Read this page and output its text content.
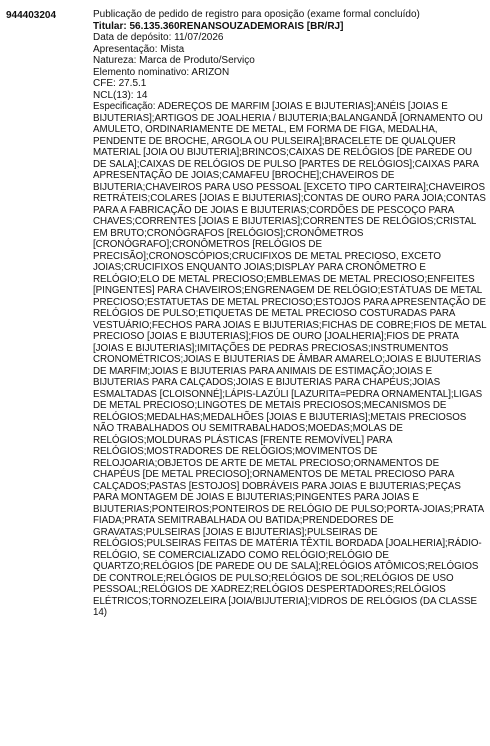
944403204	Publicação de pedido de registro para oposição (exame formal concluído)
Titular: 56.135.360RENANSOUZADEMORAIS [BR/RJ]
Data de depósito: 11/07/2026
Apresentação: Mista
Natureza: Marca de Produto/Serviço
Elemento nominativo: ARIZON
CFE: 27.5.1
NCL(13): 14
Especificação: ADEREÇOS DE MARFIM [JOIAS E BIJUTERIAS];ANÉIS [JOIAS E BIJUTERIAS];ARTIGOS DE JOALHERIA / BIJUTERIA;BALANGANDÃ [ORNAMENTO OU AMULETO, ORDINARIAMENTE DE METAL, EM FORMA DE FIGA, MEDALHA, PENDENTE DE BROCHE, ARGOLA OU PULSEIRA];BRACELETE DE QUALQUER MATERIAL [JOIA OU BIJUTERIA];BRINCOS;CAIXAS DE RELÓGIOS [DE PAREDE OU DE SALA];CAIXAS DE RELÓGIOS DE PULSO [PARTES DE RELÓGIOS];CAIXAS PARA APRESENTAÇÃO DE JOIAS;CAMAFEU [BROCHE];CHAVEIROS DE BIJUTERIA;CHAVEIROS PARA USO PESSOAL [EXCETO TIPO CARTEIRA];CHAVEIROS RETRÁTEIS;COLARES [JOIAS E BIJUTERIAS];CONTAS DE OURO PARA JOIA;CONTAS PARA A FABRICAÇÃO DE JOIAS E BIJUTERIAS;CORDÕES DE PESCOÇO PARA CHAVES;CORRENTES [JOIAS E BIJUTERIAS];CORRENTES DE RELÓGIOS;CRISTAL EM BRUTO;CRONÓGRAFOS [RELÓGIOS];CRONÔMETROS [CRONÓGRAFO];CRONÔMETROS [RELÓGIOS DE PRECISÃO];CRONOSCÓPIOS;CRUCIFIXOS DE METAL PRECIOSO, EXCETO JOIAS;CRUCIFIXOS ENQUANTO JOIAS;DISPLAY PARA CRONÔMETRO E RELÓGIO;ELO DE METAL PRECIOSO;EMBLEMAS DE METAL PRECIOSO;ENFEITES [PINGENTES] PARA CHAVEIROS;ENGRENAGEM DE RELÓGIO;ESTÁTUAS DE METAL PRECIOSO;ESTATUETAS DE METAL PRECIOSO;ESTOJOS PARA APRESENTAÇÃO DE RELÓGIOS DE PULSO;ETIQUETAS DE METAL PRECIOSO COSTURADAS PARA VESTUÁRIO;FECHOS PARA JOIAS E BIJUTERIAS;FICHAS DE COBRE;FIOS DE METAL PRECIOSO [JOIAS E BIJUTERIAS];FIOS DE OURO [JOALHERIA];FIOS DE PRATA [JOIAS E BIJUTERIAS];IMITAÇÕES DE PEDRAS PRECIOSAS;INSTRUMENTOS CRONOMÉTRICOS;JOIAS E BIJUTERIAS DE ÂMBAR AMARELO;JOIAS E BIJUTERIAS DE MARFIM;JOIAS E BIJUTERIAS PARA ANIMAIS DE ESTIMAÇÃO;JOIAS E BIJUTERIAS PARA CALÇADOS;JOIAS E BIJUTERIAS PARA CHAPÉUS;JOIAS ESMALTADAS [CLOISONNÉ];LÁPIS-LAZÚLI [LAZURITA=PEDRA ORNAMENTAL];LIGAS DE METAL PRECIOSO;LINGOTES DE METAIS PRECIOSOS;MECANISMOS DE RELÓGIOS;MEDALHAS;MEDALHÕES [JOIAS E BIJUTERIAS];METAIS PRECIOSOS NÃO TRABALHADOS OU SEMITRABALHADOS;MOEDAS;MOLAS DE RELÓGIOS;MOLDURAS PLÁSTICAS [FRENTE REMOVÍVEL] PARA RELÓGIOS;MOSTRADORES DE RELÓGIOS;MOVIMENTOS DE RELOJOARIA;OBJETOS DE ARTE DE METAL PRECIOSO;ORNAMENTOS DE CHAPÉUS [DE METAL PRECIOSO];ORNAMENTOS DE METAL PRECIOSO PARA CALÇADOS;PASTAS [ESTOJOS] DOBRÁVEIS PARA JOIAS E BIJUTERIAS;PEÇAS PARA MONTAGEM DE JOIAS E BIJUTERIAS;PINGENTES PARA JOIAS E BIJUTERIAS;PONTEIROS;PONTEIROS DE RELÓGIO DE PULSO;PORTA-JOIAS;PRATA FIADA;PRATA SEMITRABALHADA OU BATIDA;PRENDEDORES DE GRAVATAS;PULSEIRAS [JOIAS E BIJUTERIAS];PULSEIRAS DE RELÓGIOS;PULSEIRAS FEITAS DE MATÉRIA TÊXTIL BORDADA [JOALHERIA];RÁDIO-RELÓGIO, SE COMERCIALIZADO COMO RELÓGIO;RELÓGIO DE QUARTZO;RELÓGIOS [DE PAREDE OU DE SALA];RELÓGIOS ATÔMICOS;RELÓGIOS DE CONTROLE;RELÓGIOS DE PULSO;RELÓGIOS DE SOL;RELÓGIOS DE USO PESSOAL;RELÓGIOS DE XADREZ;RELÓGIOS DESPERTADORES;RELÓGIOS ELÉTRICOS;TORNOZELEIRA [JOIA/BIJUTERIA];VIDROS DE RELÓGIOS (DA CLASSE 14)
